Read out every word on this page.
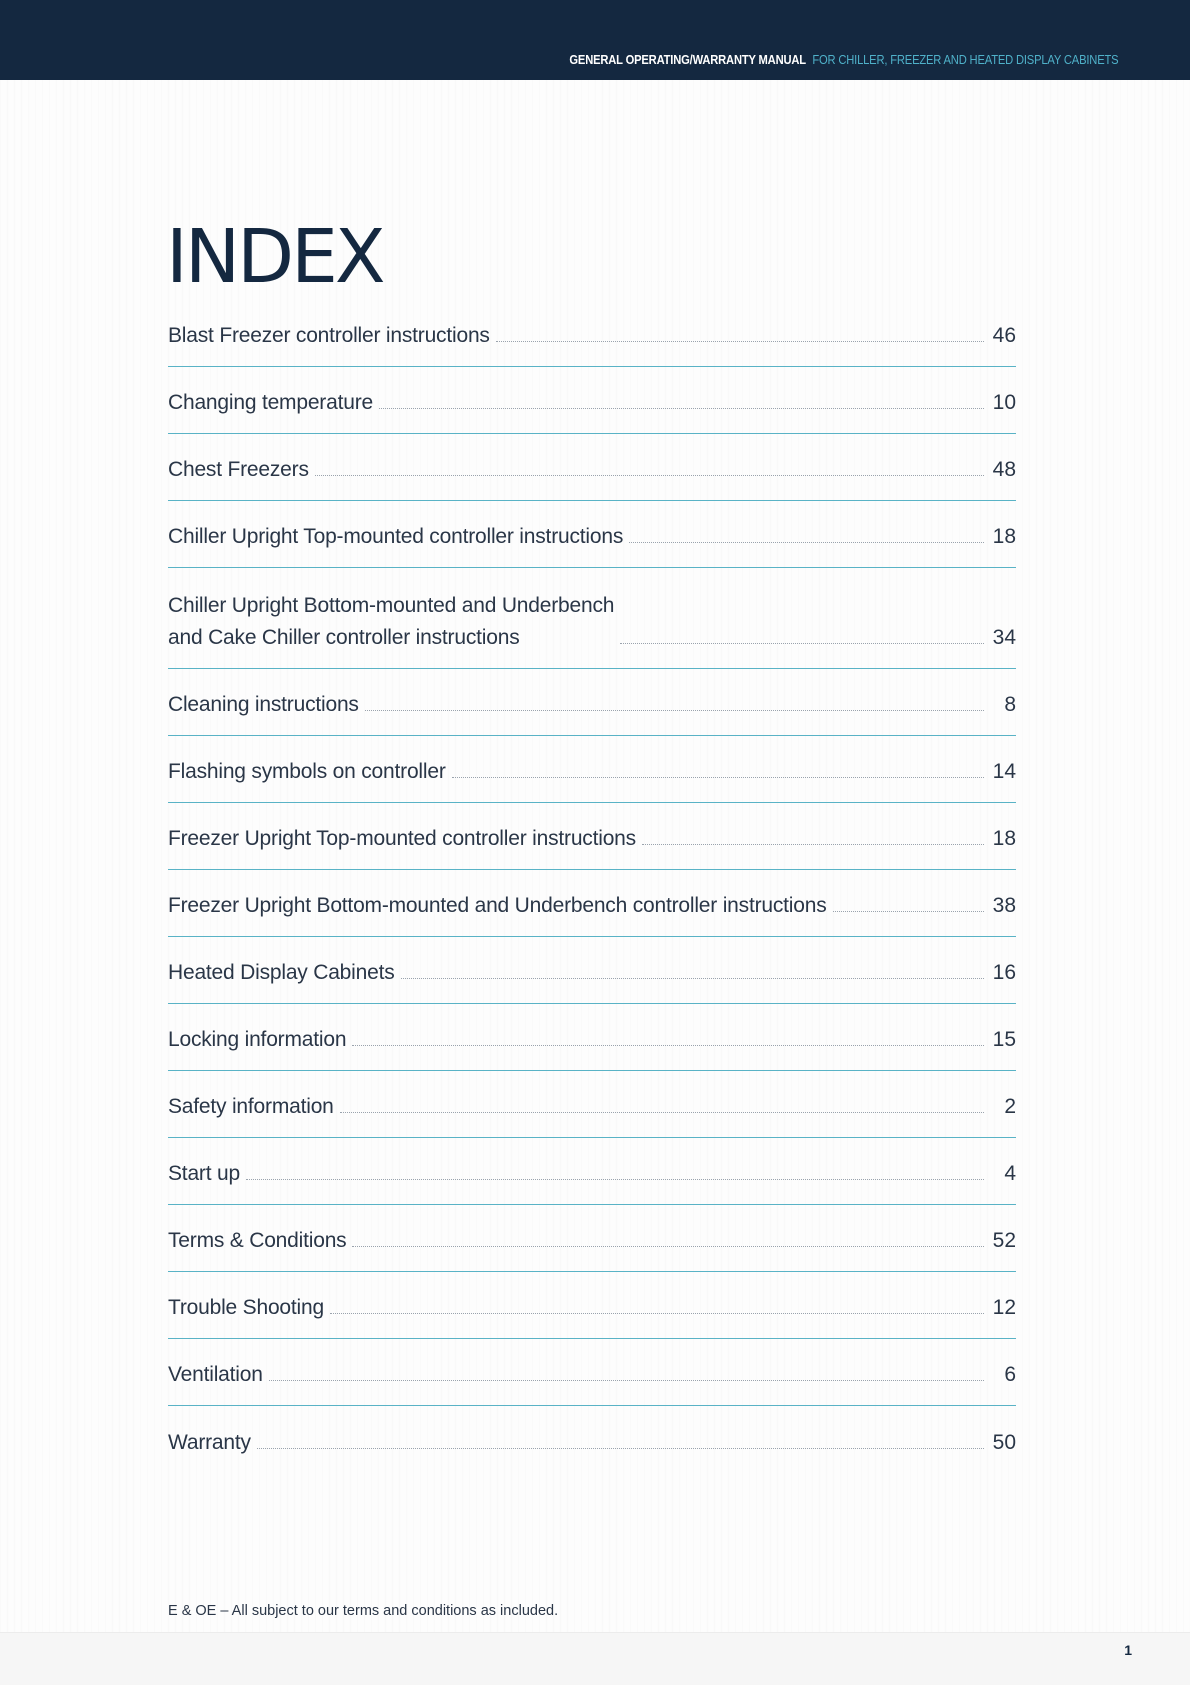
GENERAL OPERATING/WARRANTY MANUAL FOR CHILLER, FREEZER AND HEATED DISPLAY CABINETS
INDEX
Blast Freezer controller instructions	46
Changing temperature	10
Chest Freezers	48
Chiller Upright Top-mounted controller instructions	18
Chiller Upright Bottom-mounted and Underbench
and Cake Chiller controller instructions	34
Cleaning instructions	8
Flashing symbols on controller	14
Freezer Upright Top-mounted controller instructions	18
Freezer Upright Bottom-mounted and Underbench controller instructions	38
Heated Display Cabinets	16
Locking information	15
Safety information	2
Start up	4
Terms & Conditions	52
Trouble Shooting	12
Ventilation	6
Warranty	50
E & OE – All subject to our terms and conditions as included.
1
